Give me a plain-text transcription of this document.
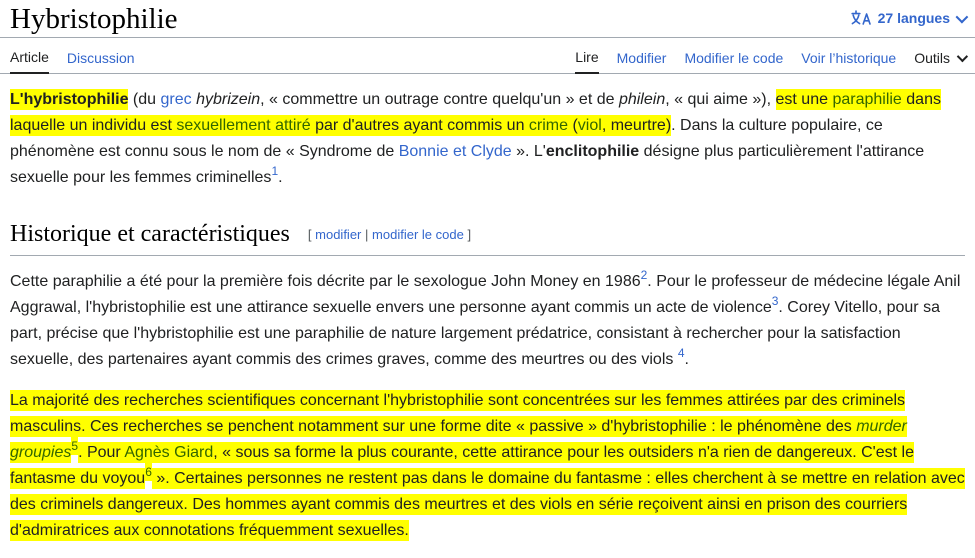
Hybristophilie	27 langues
Article Discussion	Lire Modifier Modifier le code Voir l’historique Outils

L'hybristophilie (du grec hybrizein, « commettre un outrage contre quelqu'un » et de philein, « qui aime »), est une paraphilie dans laquelle un individu est sexuellement attiré par d'autres ayant commis un crime (viol, meurtre). Dans la culture populaire, ce phénomène est connu sous le nom de « Syndrome de Bonnie et Clyde ». L'enclitophilie désigne plus particulièrement l'attirance sexuelle pour les femmes criminelles$^1$.

Historique et caractéristiques [ modifier | modifier le code ]

Cette paraphilie a été pour la première fois décrite par le sexologue John Money en 1986$^2$. Pour le professeur de médecine légale Anil Aggrawal, l'hybristophilie est une attirance sexuelle envers une personne ayant commis un acte de violence$^3$. Corey Vitello, pour sa part, précise que l'hybristophilie est une paraphilie de nature largement prédatrice, consistant à rechercher pour la satisfaction sexuelle, des partenaires ayant commis des crimes graves, comme des meurtres ou des viols $^4$.

La majorité des recherches scientifiques concernant l'hybristophilie sont concentrées sur les femmes attirées par des criminels masculins. Ces recherches se penchent notamment sur une forme dite « passive » d'hybristophilie : le phénomène des murder groupies$^5$. Pour Agnès Giard, « sous sa forme la plus courante, cette attirance pour les outsiders n'a rien de dangereux. C'est le fantasme du voyou$^6$ ». Certaines personnes ne restent pas dans le domaine du fantasme : elles cherchent à se mettre en relation avec des criminels dangereux. Des hommes ayant commis des meurtres et des viols en série reçoivent ainsi en prison des courriers d'admiratrices aux connotations fréquemment sexuelles.
